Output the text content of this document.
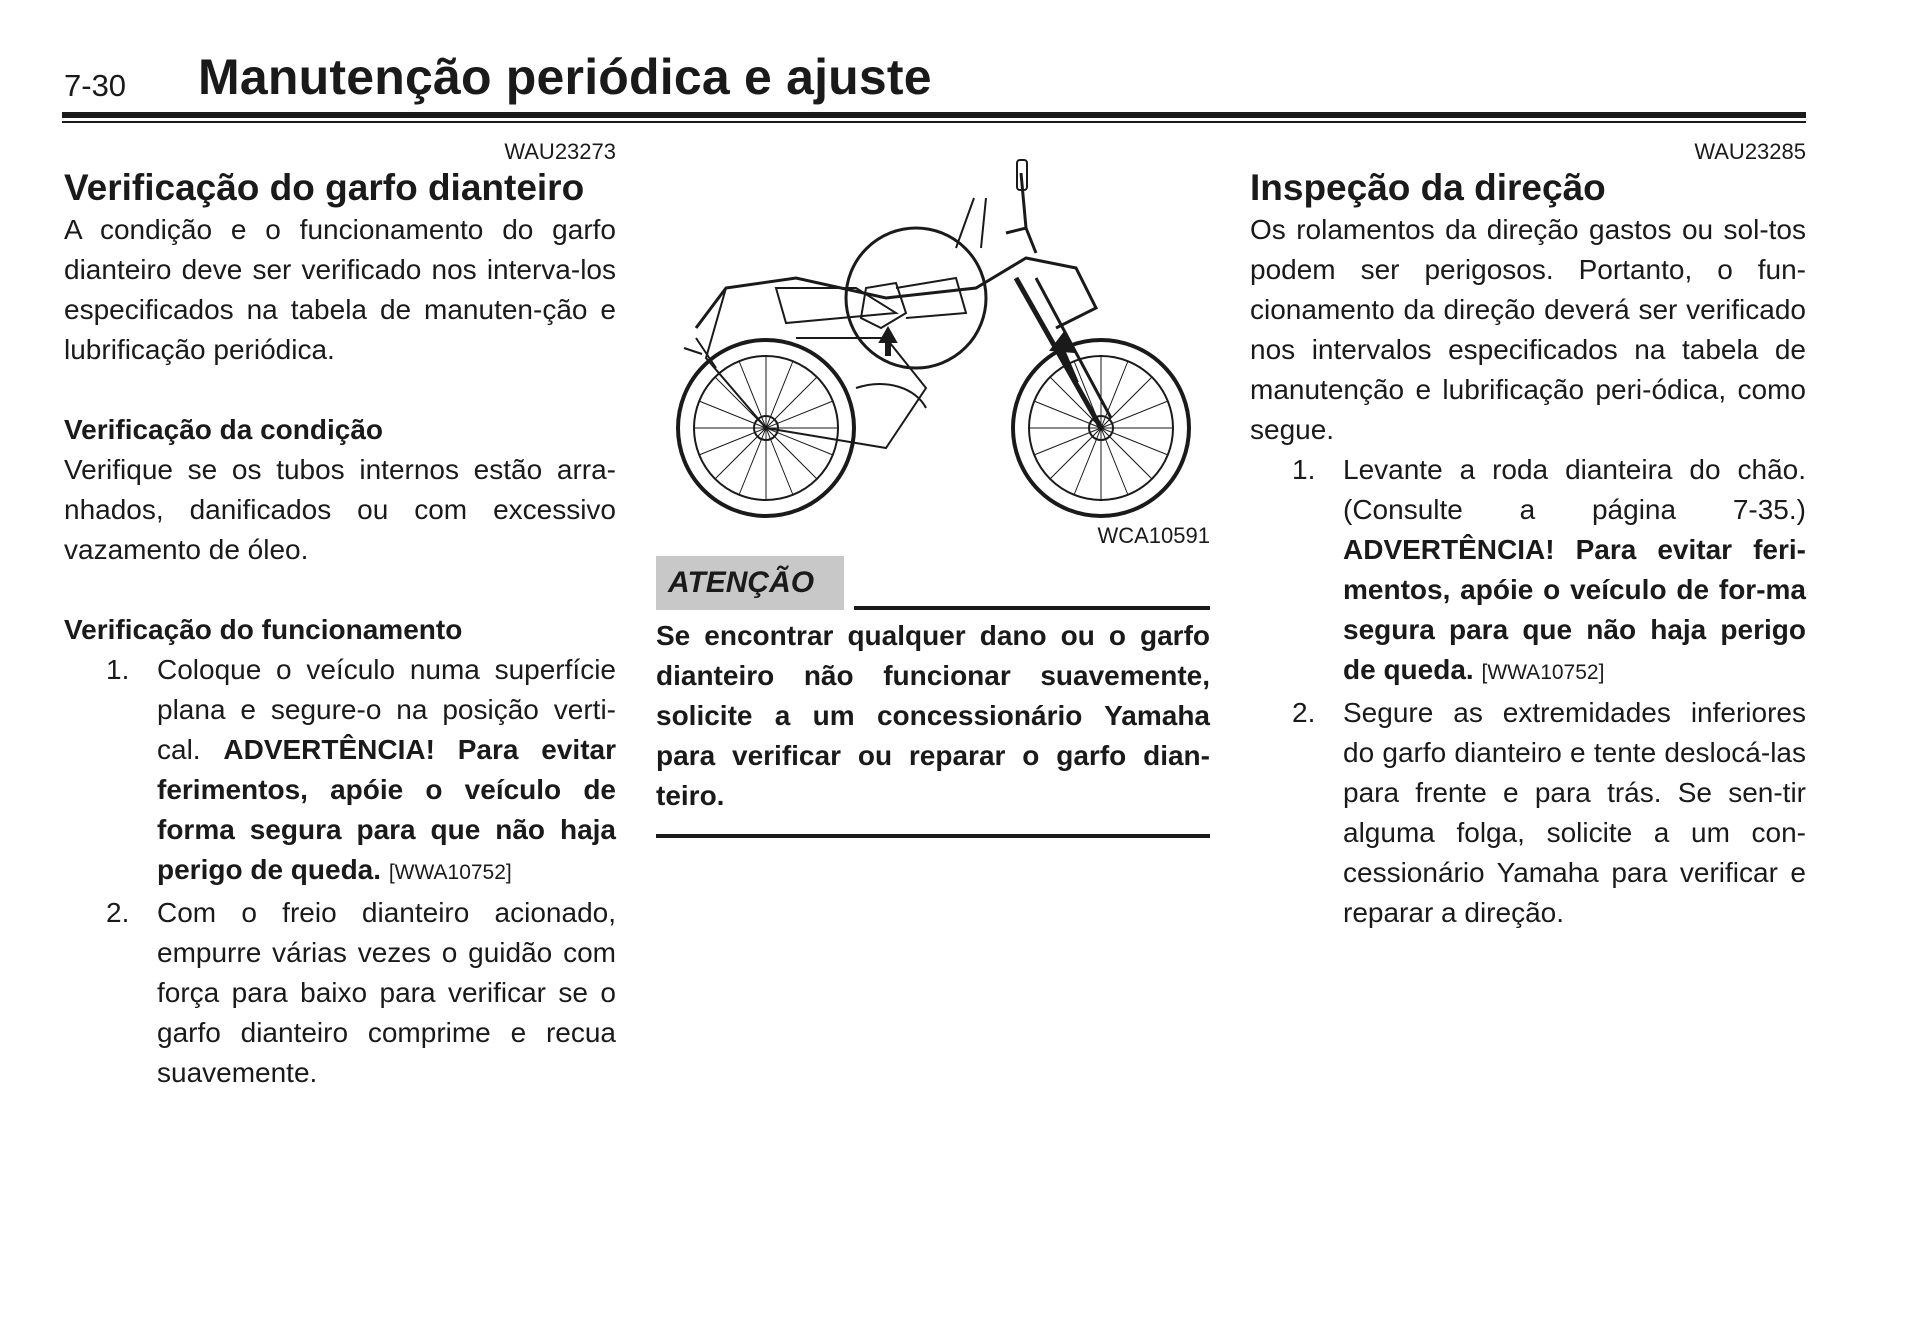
7-30 Manutenção periódica e ajuste
WAU23273
Verificação do garfo dianteiro

A condição e o funcionamento do garfo dianteiro deve ser verificado nos interva-los especificados na tabela de manuten-ção e lubrificação periódica.

Verificação da condição

Verifique se os tubos internos estão arra-nhados, danificados ou com excessivo vazamento de óleo.

Verificação do funcionamento
1. Coloque o veículo numa superfície plana e segure-o na posição verti-cal. ADVERTÊNCIA! Para evitar ferimentos, apóie o veículo de forma segura para que não haja perigo de queda. [WWA10752]
2. Com o freio dianteiro acionado, empurre várias vezes o guidão com força para baixo para verificar se o garfo dianteiro comprime e recua suavemente.
WCA10591
ATENÇÃO
Se encontrar qualquer dano ou o garfo dianteiro não funcionar suavemente, solicite a um concessionário Yamaha para verificar ou reparar o garfo dian-teiro.
WAU23285
Inspeção da direção

Os rolamentos da direção gastos ou sol-tos podem ser perigosos. Portanto, o fun-cionamento da direção deverá ser verificado nos intervalos especificados na tabela de manutenção e lubrificação peri-ódica, como segue.

1. Levante a roda dianteira do chão. (Consulte a página 7-35.) ADVERTÊNCIA! Para evitar feri-mentos, apóie o veículo de for-ma segura para que não haja perigo de queda. [WWA10752]
2. Segure as extremidades inferiores do garfo dianteiro e tente deslocá-las para frente e para trás. Se sen-tir alguma folga, solicite a um con-cessionário Yamaha para verificar e reparar a direção.
